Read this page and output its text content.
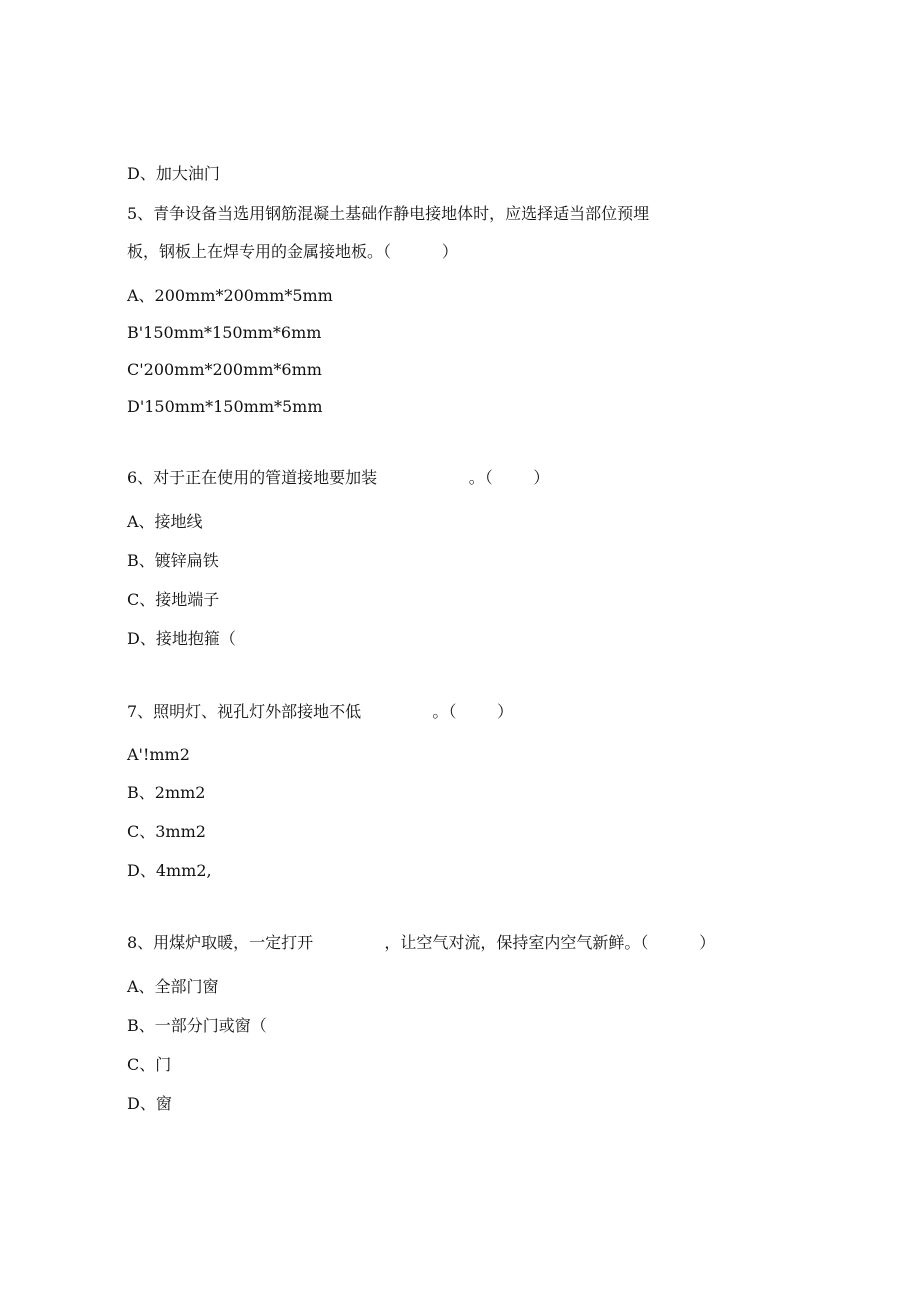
D、加大油门
5、青争设备当选用钢筋混凝土基础作静电接地体时，应选择适当部位预埋
板，钢板上在焊专用的金属接地板。（          ）
A、200mm*200mm*5mm
B'150mm*150mm*6mm
C'200mm*200mm*6mm
D'150mm*150mm*5mm
6、对于正在使用的管道接地要加装                  。（        ）
A、接地线
B、镀锌扁铁
C、接地端子
D、接地抱箍（
7、照明灯、视孔灯外部接地不低              。（        ）
A'!mm2
B、2mm2
C、3mm2
D、4mm2,
8、用煤炉取暖，一定打开              ，让空气对流，保持室内空气新鲜。（          ）
A、全部门窗
B、一部分门或窗（
C、门
D、窗
